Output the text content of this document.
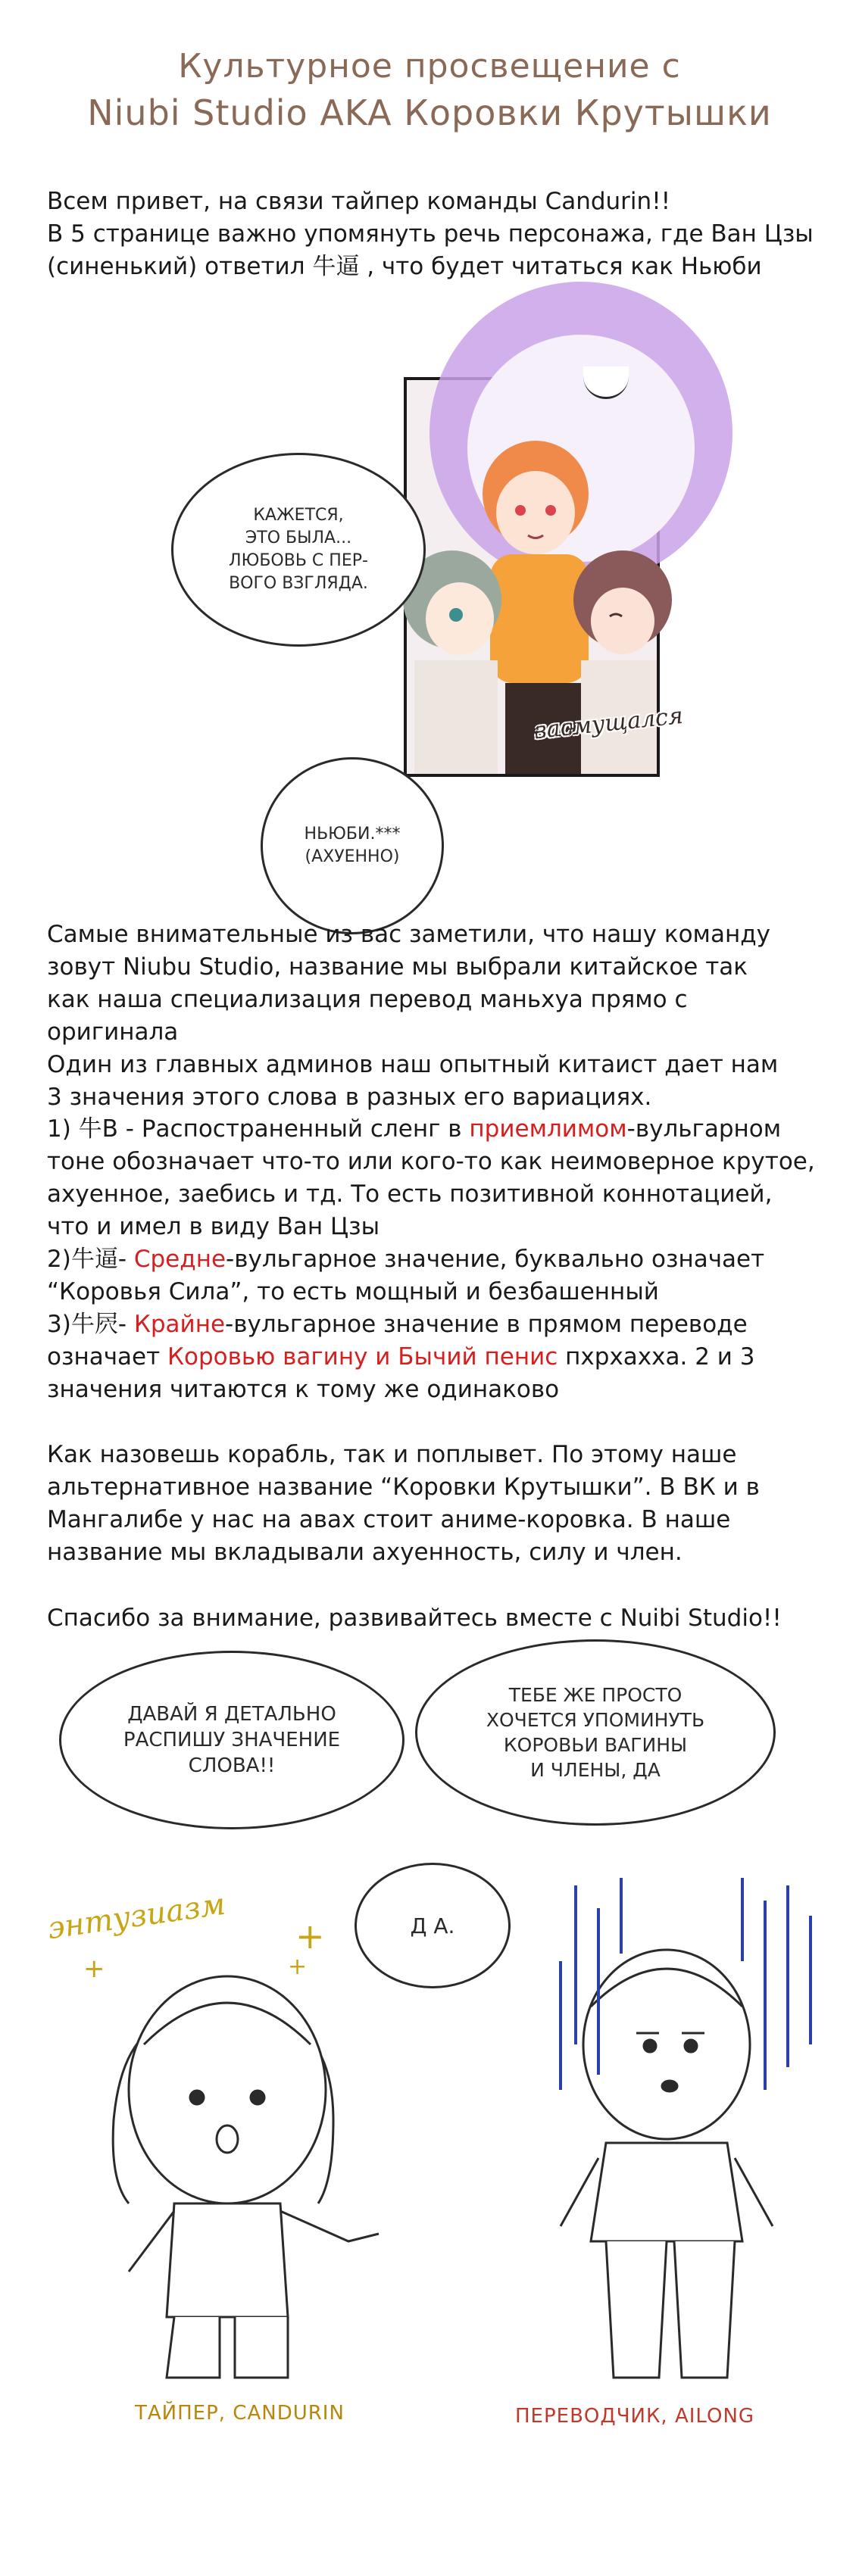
Культурное просвещение с
Niubi Studio AKA Коровки Крутышки
Всем привет, на связи тайпер команды Candurin!!
В 5 странице важно упомянуть речь персонажа, где Ван Цзы
(синенький) ответил 牛逼 , что будет читаться как Ньюби
засмущался
КАЖЕТСЯ,
ЭТО БЫЛА...
ЛЮБОВЬ С ПЕР-
ВОГО ВЗГЛЯДА.
НЬЮБИ.***
(АХУЕННО)
Самые внимательные из вас заметили, что нашу команду
зовут Niubu Studio, название мы выбрали китайское так
как наша специализация перевод маньхуа прямо с оригинала
Один из главных админов наш опытный китаист дает нам
3 значения этого слова в разных его вариациях.
1) 牛B - Распостраненный сленг в приемлимом-вульгарном
тоне обозначает что-то или кого-то как неимоверное крутое,
ахуенное, заебись и тд. То есть позитивной коннотацией,
что и имел в виду Ван Цзы
2)牛逼- Средне-вульгарное значение, буквально означает
“Коровья Сила”, то есть мощный и безбашенный
3)牛屄- Крайне-вульгарное значение в прямом переводе
означает Коровью вагину и Бычий пенис пхрхахха. 2 и 3
значения читаются к тому же одинаково
Как назовешь корабль, так и поплывет. По этому наше
альтернативное название “Коровки Крутышки”. В ВК и в
Мангалибе у нас на авах стоит аниме-коровка. В наше
название мы вкладывали ахуенность, силу и член.
Спасибо за внимание, развивайтесь вместе с Nuibi Studio!!
ДАВАЙ Я ДЕТАЛЬНО
РАСПИШУ ЗНАЧЕНИЕ
СЛОВА!!
ТЕБЕ ЖЕ ПРОСТО
ХОЧЕТСЯ УПОМИНУТЬ
КОРОВЬИ ВАГИНЫ
И ЧЛЕНЫ, ДА
Д А.
энтузиазм
+
+
+
ТАЙПЕР, CANDURIN	ПЕРЕВОДЧИК, AILONG
